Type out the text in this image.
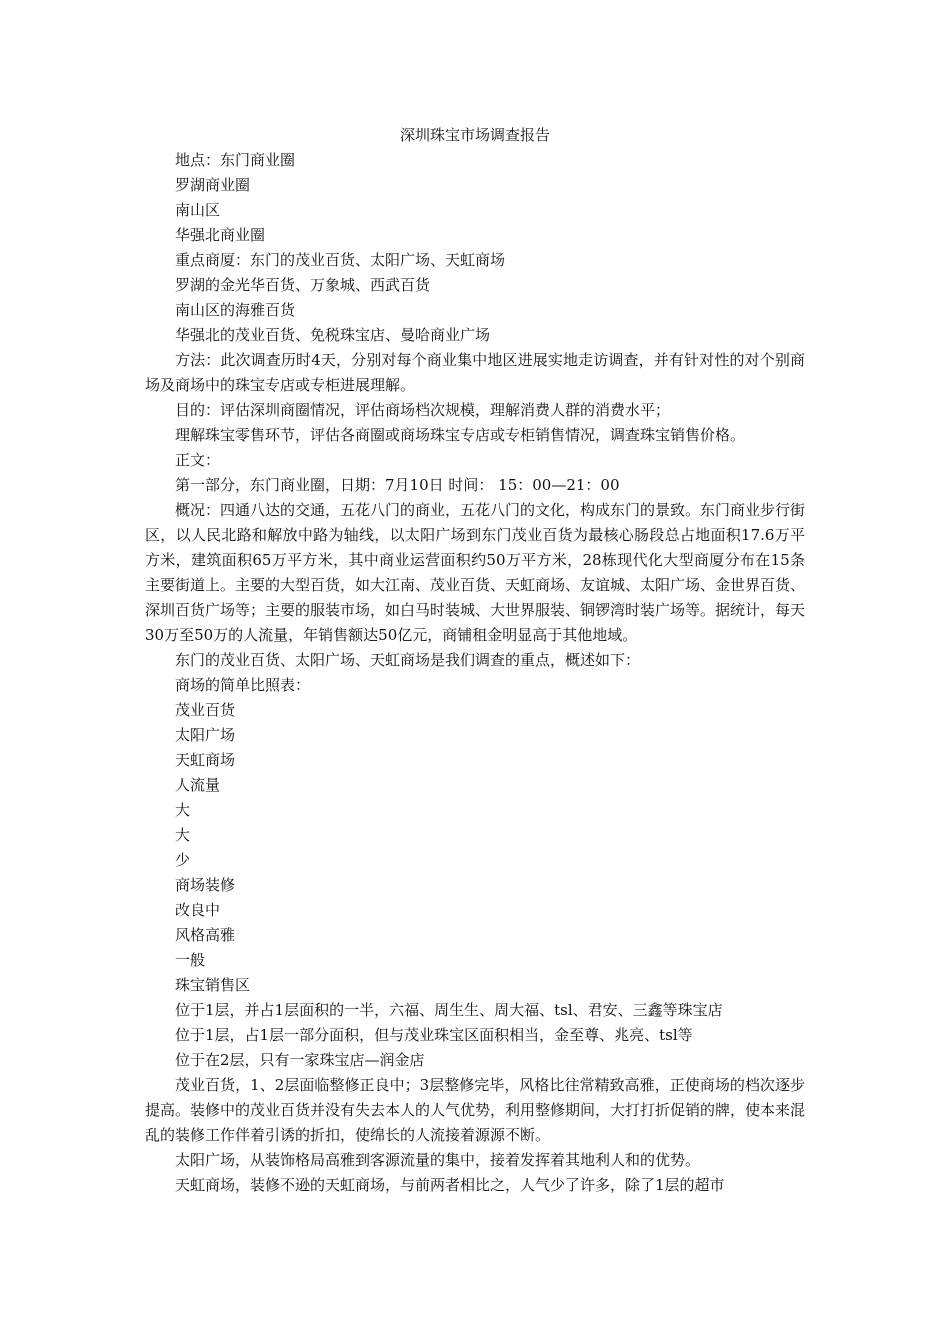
深圳珠宝市场调查报告

地点：东门商业圈

罗湖商业圈

南山区

华强北商业圈

重点商厦：东门的茂业百货、太阳广场、天虹商场

罗湖的金光华百货、万象城、西武百货

南山区的海雅百货

华强北的茂业百货、免税珠宝店、曼哈商业广场

方法：此次调查历时4天，分别对每个商业集中地区进展实地走访调查，并有针对性的对个别商场及商场中的珠宝专店或专柜进展理解。

目的：评估深圳商圈情况，评估商场档次规模，理解消费人群的消费水平；

理解珠宝零售环节，评估各商圈或商场珠宝专店或专柜销售情况，调查珠宝销售价格。

正文：

第一部分，东门商业圈，日期：7月10日 时间： 15：00—21：00

概况：四通八达的交通，五花八门的商业，五花八门的文化，构成东门的景致。东门商业步行街区，以人民北路和解放中路为轴线，以太阳广场到东门茂业百货为最核心肠段总占地面积17.6万平方米，建筑面积65万平方米，其中商业运营面积约50万平方米，28栋现代化大型商厦分布在15条主要街道上。主要的大型百货，如大江南、茂业百货、天虹商场、友谊城、太阳广场、金世界百货、深圳百货广场等；主要的服装市场，如白马时装城、大世界服装、铜锣湾时装广场等。据统计，每天30万至50万的人流量，年销售额达50亿元，商铺租金明显高于其他地域。

东门的茂业百货、太阳广场、天虹商场是我们调查的重点，概述如下：

商场的简单比照表：

茂业百货

太阳广场

天虹商场

人流量

大

大

少

商场装修

改良中

风格高雅

一般

珠宝销售区

位于1层，并占1层面积的一半，六福、周生生、周大福、tsl、君安、三鑫等珠宝店

位于1层，占1层一部分面积，但与茂业珠宝区面积相当，金至尊、兆亮、tsl等

位于在2层，只有一家珠宝店—润金店

茂业百货，1、2层面临整修正良中；3层整修完毕，风格比往常精致高雅，正使商场的档次逐步提高。装修中的茂业百货并没有失去本人的人气优势，利用整修期间，大打打折促销的牌，使本来混乱的装修工作伴着引诱的折扣，使绵长的人流接着源源不断。

太阳广场，从装饰格局高雅到客源流量的集中，接着发挥着其地利人和的优势。

天虹商场，装修不逊的天虹商场，与前两者相比之，人气少了许多，除了1层的超市
